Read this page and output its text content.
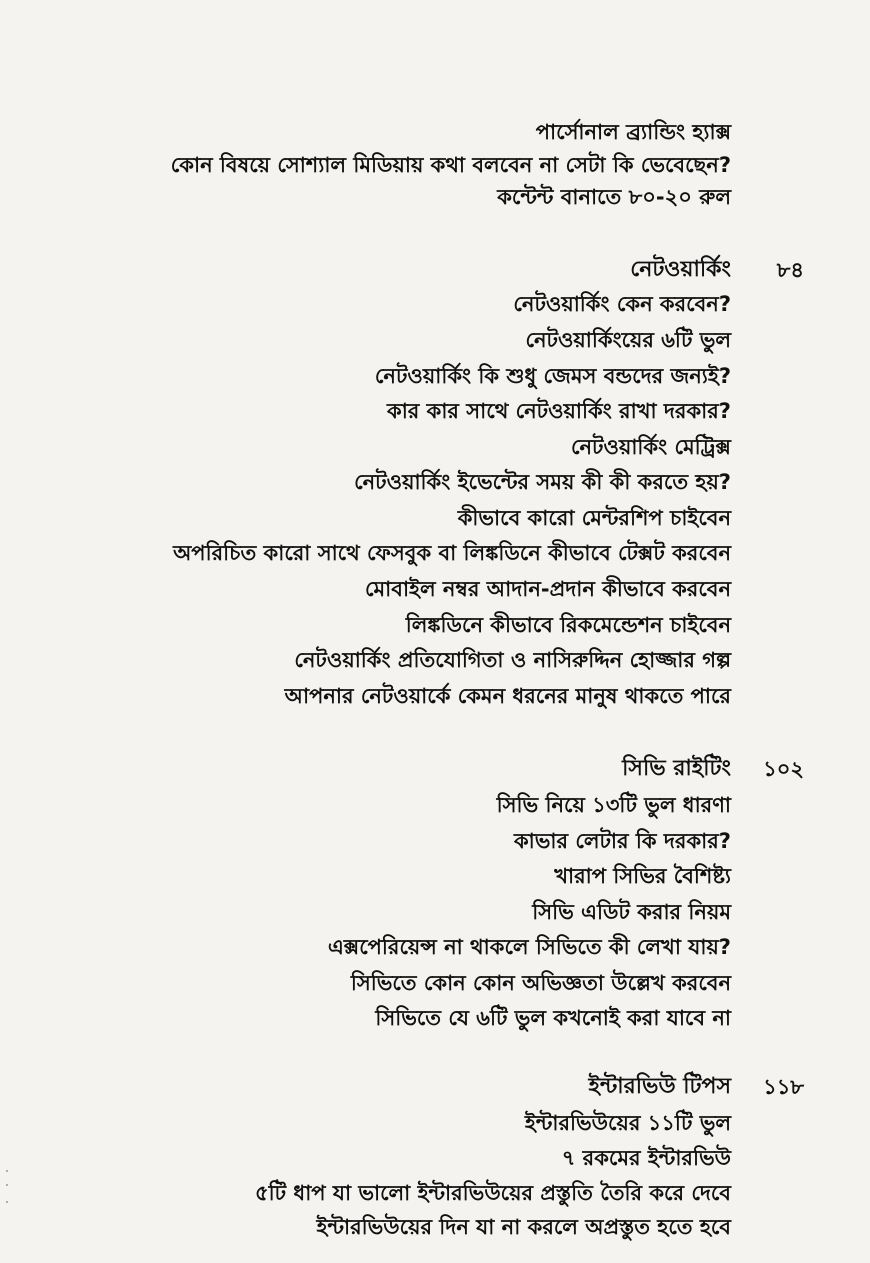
পার্সোনাল ব্র্যান্ডিং হ্যাক্স
কোন বিষয়ে সোশ্যাল মিডিয়ায় কথা বলবেন না সেটা কি ভেবেছেন?
কন্টেন্ট বানাতে ৮০-২০ রুল
নেটওয়ার্কিং ৮৪
নেটওয়ার্কিং কেন করবেন?
নেটওয়ার্কিংয়ের ৬টি ভুল
নেটওয়ার্কিং কি শুধু জেমস বন্ডদের জন্যই?
কার কার সাথে নেটওয়ার্কিং রাখা দরকার?
নেটওয়ার্কিং মেট্রিক্স
নেটওয়ার্কিং ইভেন্টের সময় কী কী করতে হয়?
কীভাবে কারো মেন্টরশিপ চাইবেন
অপরিচিত কারো সাথে ফেসবুক বা লিঙ্কডিনে কীভাবে টেক্সট করবেন
মোবাইল নম্বর আদান-প্রদান কীভাবে করবেন
লিঙ্কডিনে কীভাবে রিকমেন্ডেশন চাইবেন
নেটওয়ার্কিং প্রতিযোগিতা ও নাসিরুদ্দিন হোজ্জার গল্প
আপনার নেটওয়ার্কে কেমন ধরনের মানুষ থাকতে পারে
সিভি রাইটিং ১০২
সিভি নিয়ে ১৩টি ভুল ধারণা
কাভার লেটার কি দরকার?
খারাপ সিভির বৈশিষ্ট্য
সিভি এডিট করার নিয়ম
এক্সপেরিয়েন্স না থাকলে সিভিতে কী লেখা যায়?
সিভিতে কোন কোন অভিজ্ঞতা উল্লেখ করবেন
সিভিতে যে ৬টি ভুল কখনোই করা যাবে না
ইন্টারভিউ টিপস ১১৮
ইন্টারভিউয়ের ১১টি ভুল
৭ রকমের ইন্টারভিউ
৫টি ধাপ যা ভালো ইন্টারভিউয়ের প্রস্তুতি তৈরি করে দেবে
ইন্টারভিউয়ের দিন যা না করলে অপ্রস্তুত হতে হবে
